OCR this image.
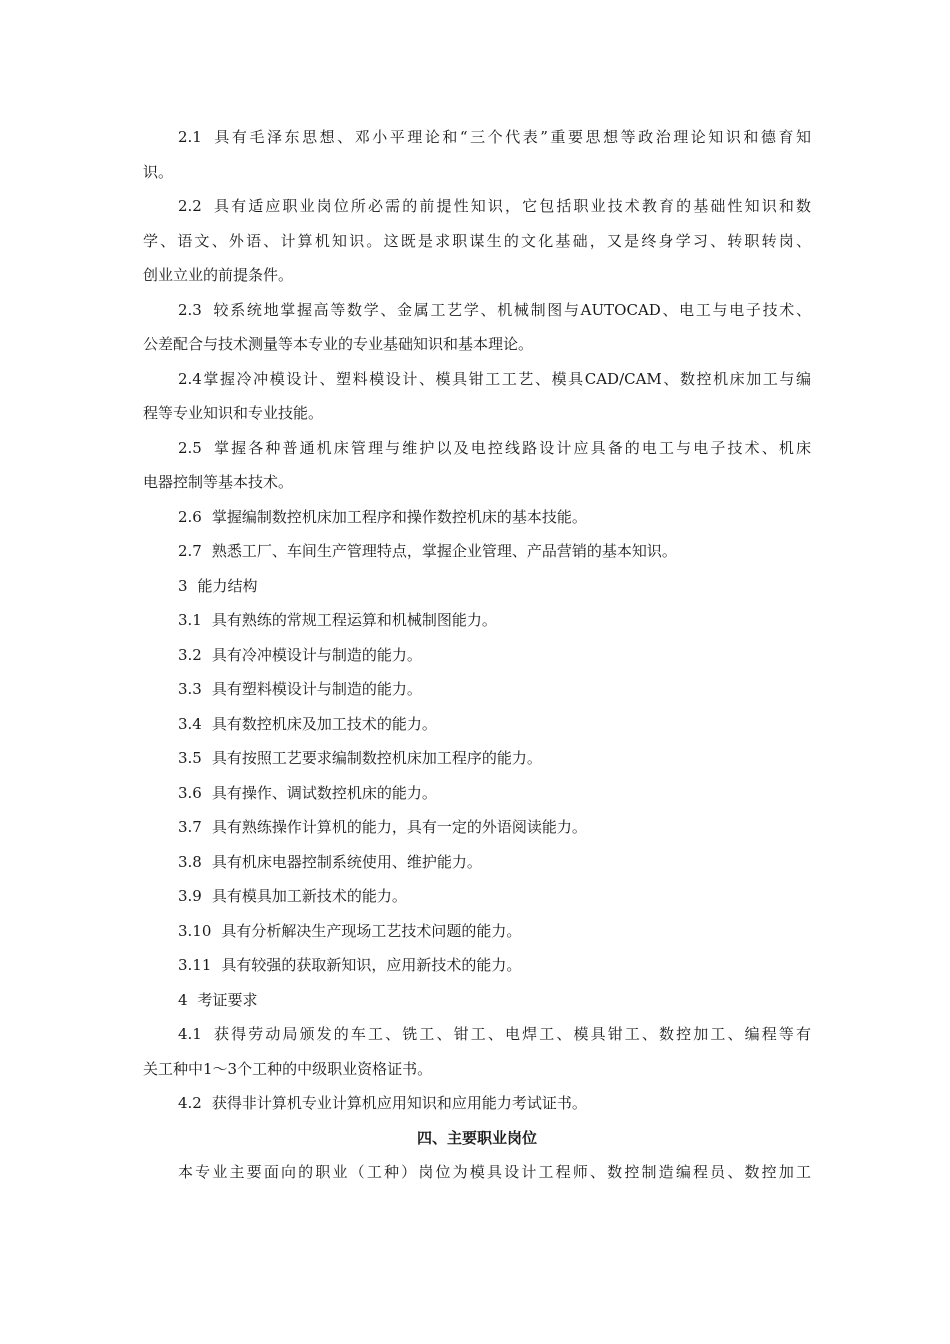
2.1 具有毛泽东思想、邓小平理论和“三个代表”重要思想等政治理论知识和德育知
识。
2.2 具有适应职业岗位所必需的前提性知识，它包括职业技术教育的基础性知识和数
学、语文、外语、计算机知识。这既是求职谋生的文化基础，又是终身学习、转职转岗、
创业立业的前提条件。
2.3 较系统地掌握高等数学、金属工艺学、机械制图与AUTOCAD、电工与电子技术、
公差配合与技术测量等本专业的专业基础知识和基本理论。
2.4掌握冷冲模设计、塑料模设计、模具钳工工艺、模具CAD/CAM、数控机床加工与编
程等专业知识和专业技能。
2.5 掌握各种普通机床管理与维护以及电控线路设计应具备的电工与电子技术、机床
电器控制等基本技术。
2.6 掌握编制数控机床加工程序和操作数控机床的基本技能。
2.7 熟悉工厂、车间生产管理特点，掌握企业管理、产品营销的基本知识。
3 能力结构
3.1 具有熟练的常规工程运算和机械制图能力。
3.2 具有冷冲模设计与制造的能力。
3.3 具有塑料模设计与制造的能力。
3.4 具有数控机床及加工技术的能力。
3.5 具有按照工艺要求编制数控机床加工程序的能力。
3.6 具有操作、调试数控机床的能力。
3.7 具有熟练操作计算机的能力，具有一定的外语阅读能力。
3.8 具有机床电器控制系统使用、维护能力。
3.9 具有模具加工新技术的能力。
3.10 具有分析解决生产现场工艺技术问题的能力。
3.11 具有较强的获取新知识，应用新技术的能力。
4 考证要求
4.1 获得劳动局颁发的车工、铣工、钳工、电焊工、模具钳工、数控加工、编程等有
关工种中1～3个工种的中级职业资格证书。
4.2 获得非计算机专业计算机应用知识和应用能力考试证书。
四、主要职业岗位
本专业主要面向的职业（工种）岗位为模具设计工程师、数控制造编程员、数控加工
